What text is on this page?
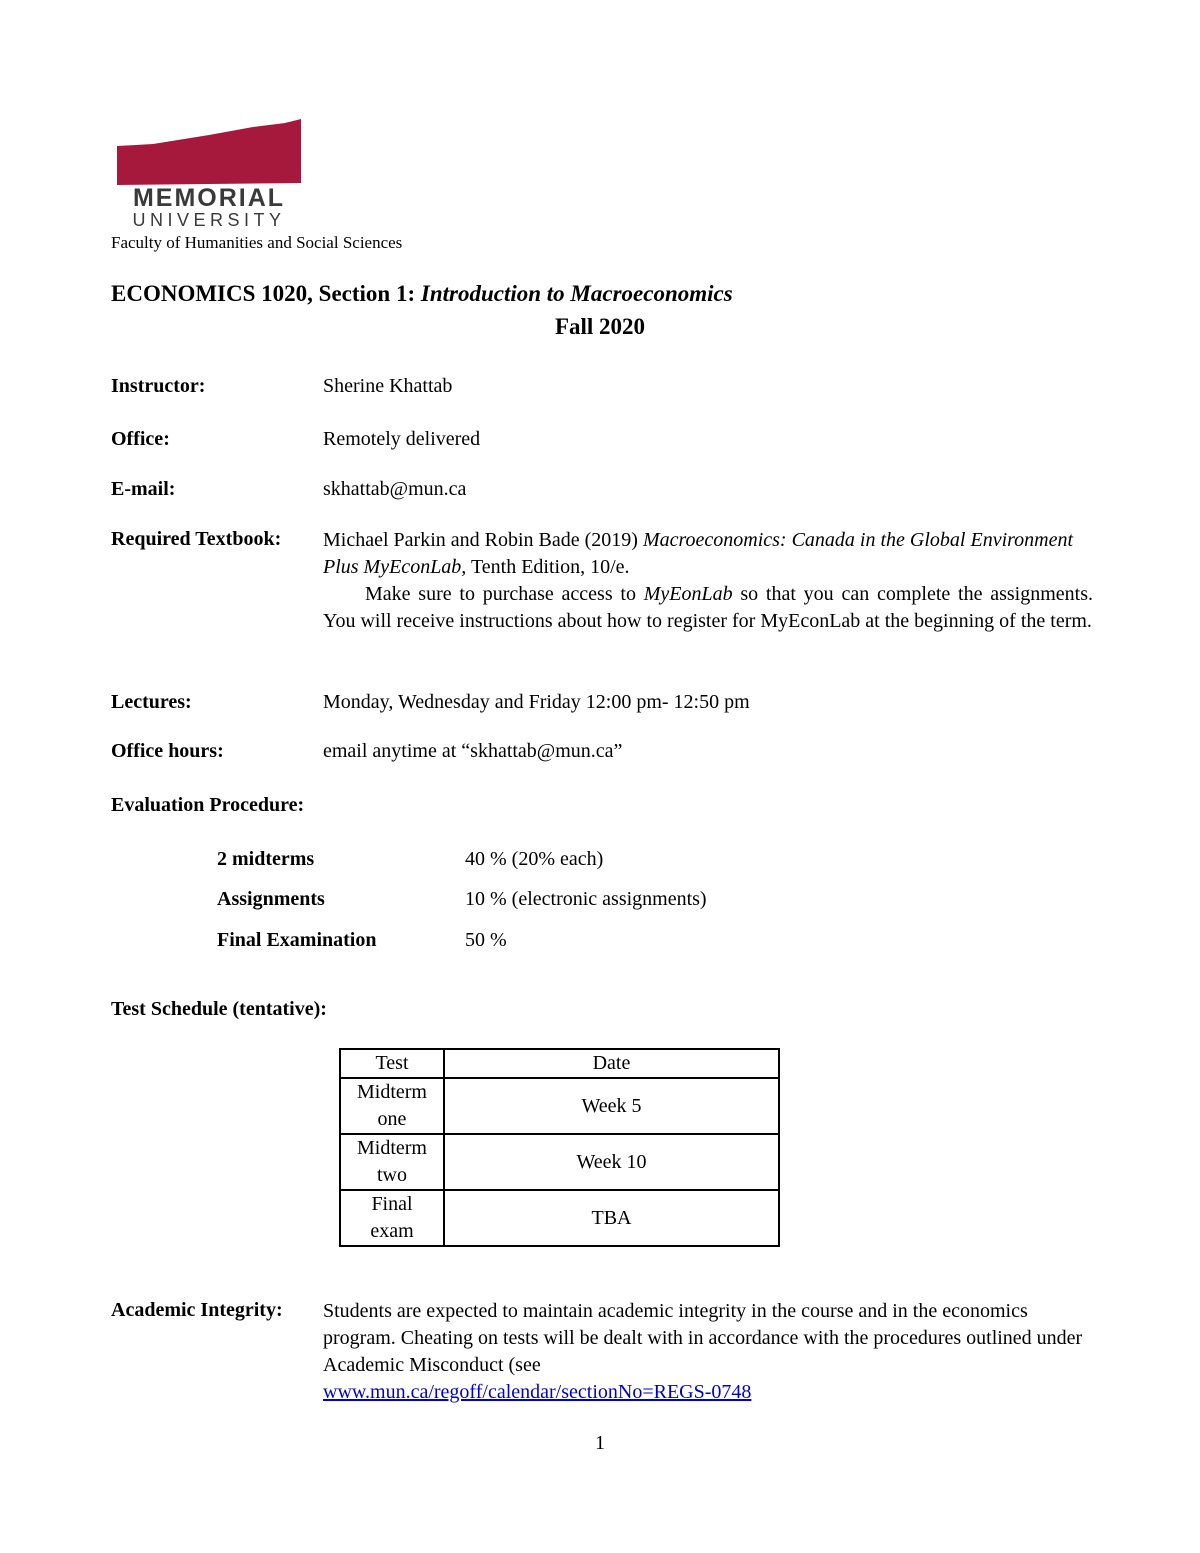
MEMORIAL
UNIVERSITY
Faculty of Humanities and Social Sciences
ECONOMICS 1020, Section 1: Introduction to Macroeconomics
Fall 2020
Instructor:	Sherine Khattab
Office:	Remotely delivered
E-mail:	skhattab@mun.ca
Required Textbook: Michael Parkin and Robin Bade (2019) Macroeconomics: Canada in the Global Environment Plus MyEconLab, Tenth Edition, 10/e.
Make sure to purchase access to MyEonLab so that you can complete the assignments. You will receive instructions about how to register for MyEconLab at the beginning of the term.
Lectures:	Monday, Wednesday and Friday 12:00 pm- 12:50 pm
Office hours:	email anytime at “skhattab@mun.ca”
Evaluation Procedure:
2 midterms	40 % (20% each)
Assignments	10 % (electronic assignments)
Final Examination	50 %
Test Schedule (tentative):
Test	Date

Midterm
one	Week 5

Midterm
two	Week 10

Final
exam	TBA
Academic Integrity: Students are expected to maintain academic integrity in the course and in the economics program. Cheating on tests will be dealt with in accordance with the procedures outlined under Academic Misconduct (see
www.mun.ca/regoff/calendar/sectionNo=REGS-0748
1
